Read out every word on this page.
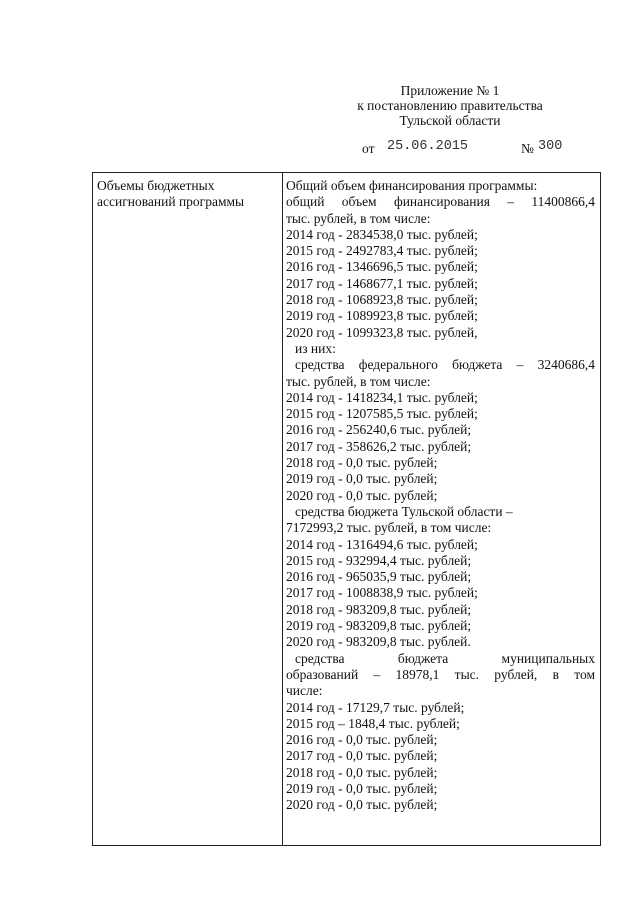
Приложение № 1
к постановлению правительства
Тульской области
от 25.06.2015	№ 300
Объемы бюджетных
ассигнований программы
Общий объем финансирования программы:
общий объем финансирования – 11400866,4
тыс. рублей, в том числе:
2014 год - 2834538,0 тыс. рублей;
2015 год - 2492783,4 тыс. рублей;
2016 год - 1346696,5 тыс. рублей;
2017 год - 1468677,1 тыс. рублей;
2018 год - 1068923,8 тыс. рублей;
2019 год - 1089923,8 тыс. рублей;
2020 год - 1099323,8 тыс. рублей,
из них:
средства федерального бюджета – 3240686,4
тыс. рублей, в том числе:
2014 год - 1418234,1 тыс. рублей;
2015 год - 1207585,5 тыс. рублей;
2016 год - 256240,6 тыс. рублей;
2017 год - 358626,2 тыс. рублей;
2018 год - 0,0 тыс. рублей;
2019 год - 0,0 тыс. рублей;
2020 год - 0,0 тыс. рублей;
средства бюджета Тульской области –
7172993,2 тыс. рублей, в том числе:
2014 год - 1316494,6 тыс. рублей;
2015 год - 932994,4 тыс. рублей;
2016 год - 965035,9 тыс. рублей;
2017 год - 1008838,9 тыс. рублей;
2018 год - 983209,8 тыс. рублей;
2019 год - 983209,8 тыс. рублей;
2020 год - 983209,8 тыс. рублей.
средства бюджета муниципальных
образований – 18978,1 тыс. рублей, в том
числе:
2014 год - 17129,7 тыс. рублей;
2015 год – 1848,4 тыс. рублей;
2016 год - 0,0 тыс. рублей;
2017 год - 0,0 тыс. рублей;
2018 год - 0,0 тыс. рублей;
2019 год - 0,0 тыс. рублей;
2020 год - 0,0 тыс. рублей;
